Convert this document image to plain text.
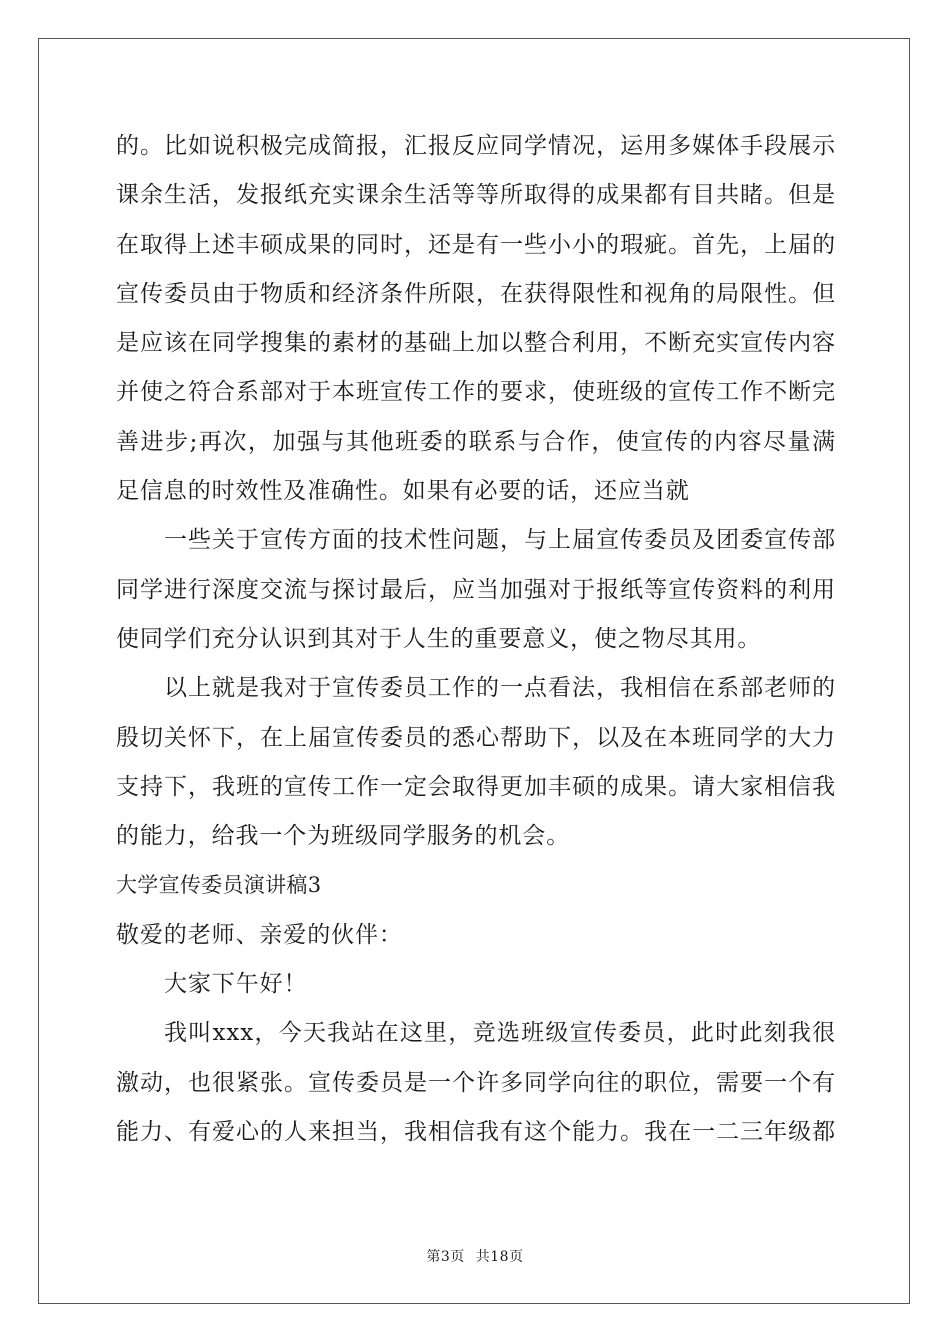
的。比如说积极完成简报，汇报反应同学情况，运用多媒体手段展示
课余生活，发报纸充实课余生活等等所取得的成果都有目共睹。但是
在取得上述丰硕成果的同时，还是有一些小小的瑕疵。首先，上届的
宣传委员由于物质和经济条件所限，在获得限性和视角的局限性。但
是应该在同学搜集的素材的基础上加以整合利用，不断充实宣传内容
并使之符合系部对于本班宣传工作的要求，使班级的宣传工作不断完
善进步;再次，加强与其他班委的联系与合作，使宣传的内容尽量满
足信息的时效性及准确性。如果有必要的话，还应当就
一些关于宣传方面的技术性问题，与上届宣传委员及团委宣传部
同学进行深度交流与探讨最后，应当加强对于报纸等宣传资料的利用
使同学们充分认识到其对于人生的重要意义，使之物尽其用。
以上就是我对于宣传委员工作的一点看法，我相信在系部老师的
殷切关怀下，在上届宣传委员的悉心帮助下，以及在本班同学的大力
支持下，我班的宣传工作一定会取得更加丰硕的成果。请大家相信我
的能力，给我一个为班级同学服务的机会。
大学宣传委员演讲稿3
敬爱的老师、亲爱的伙伴：
大家下午好！
我叫xxx，今天我站在这里，竞选班级宣传委员，此时此刻我很
激动，也很紧张。宣传委员是一个许多同学向往的职位，需要一个有
能力、有爱心的人来担当，我相信我有这个能力。我在一二三年级都
第3页 共18页
